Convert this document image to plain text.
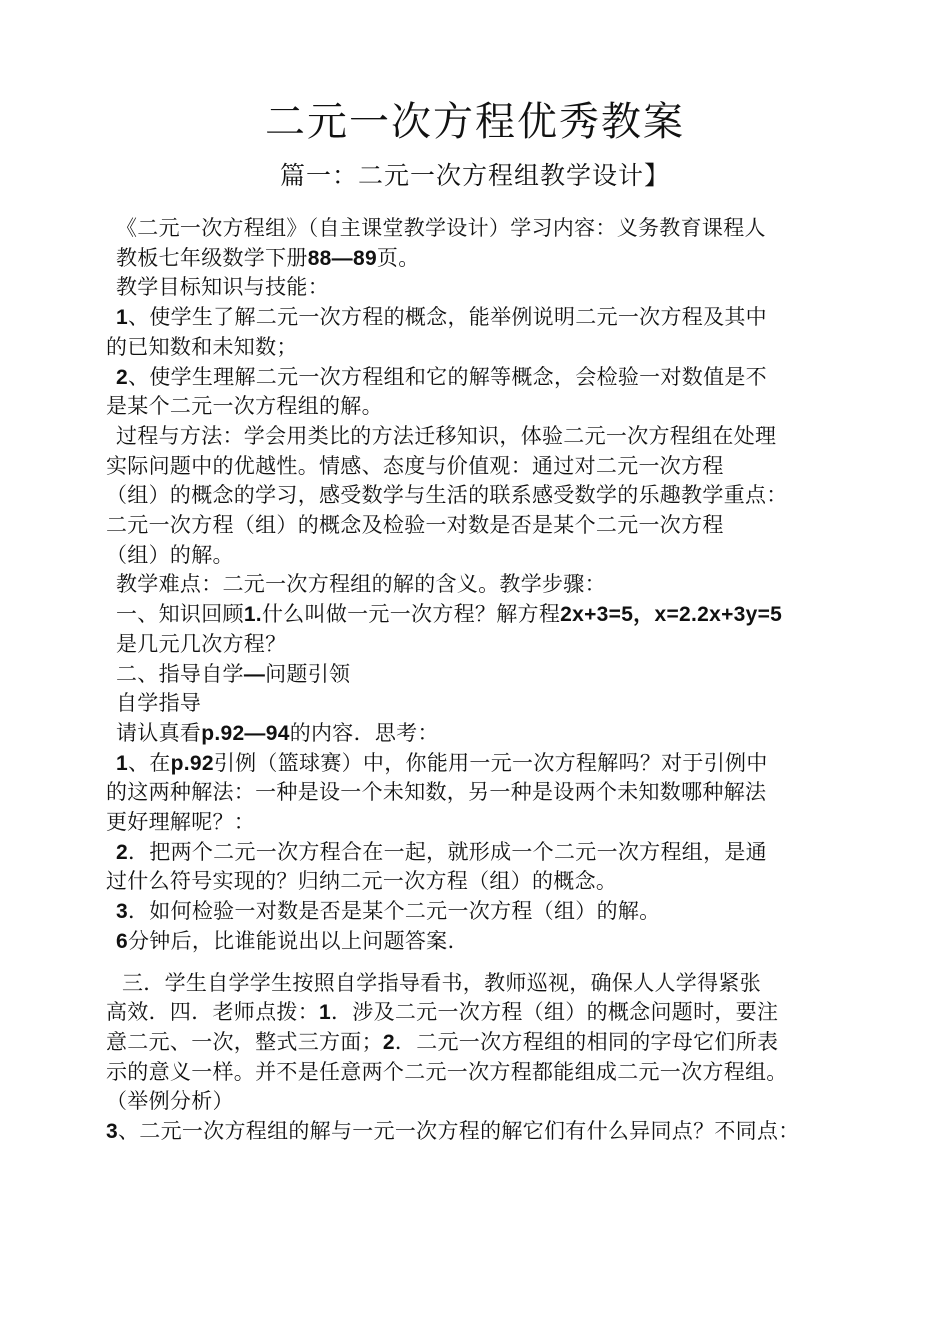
二元一次方程优秀教案
篇一：二元一次方程组教学设计】
《二元一次方程组》（自主课堂教学设计）学习内容：义务教育课程人
教板七年级数学下册88—89页。
教学目标知识与技能：
1、使学生了解二元一次方程的概念，能举例说明二元一次方程及其中
的已知数和未知数；
2、使学生理解二元一次方程组和它的解等概念，会检验一对数值是不
是某个二元一次方程组的解。
过程与方法：学会用类比的方法迁移知识，体验二元一次方程组在处理
实际问题中的优越性。情感、态度与价值观：通过对二元一次方程
（组）的概念的学习，感受数学与生活的联系感受数学的乐趣教学重点：
二元一次方程（组）的概念及检验一对数是否是某个二元一次方程
（组）的解。
教学难点：二元一次方程组的解的含义。教学步骤：
一、知识回顾1.什么叫做一元一次方程？解方程2x+3=5，x=2.2x+3y=5
是几元几次方程？
二、指导自学—问题引领
自学指导
请认真看p.92—94的内容．思考：
1、在p.92引例（篮球赛）中，你能用一元一次方程解吗？对于引例中
的这两种解法：一种是设一个未知数，另一种是设两个未知数哪种解法
更好理解呢？：
2．把两个二元一次方程合在一起，就形成一个二元一次方程组，是通
过什么符号实现的？归纳二元一次方程（组）的概念。
3．如何检验一对数是否是某个二元一次方程（组）的解。
6分钟后，比谁能说出以上问题答案.
三．学生自学学生按照自学指导看书，教师巡视，确保人人学得紧张
高效．四．老师点拨：1．涉及二元一次方程（组）的概念问题时，要注
意二元、一次，整式三方面；2．二元一次方程组的相同的字母它们所表
示的意义一样。并不是任意两个二元一次方程都能组成二元一次方程组。
（举例分析）
3、二元一次方程组的解与一元一次方程的解它们有什么异同点？不同点：
